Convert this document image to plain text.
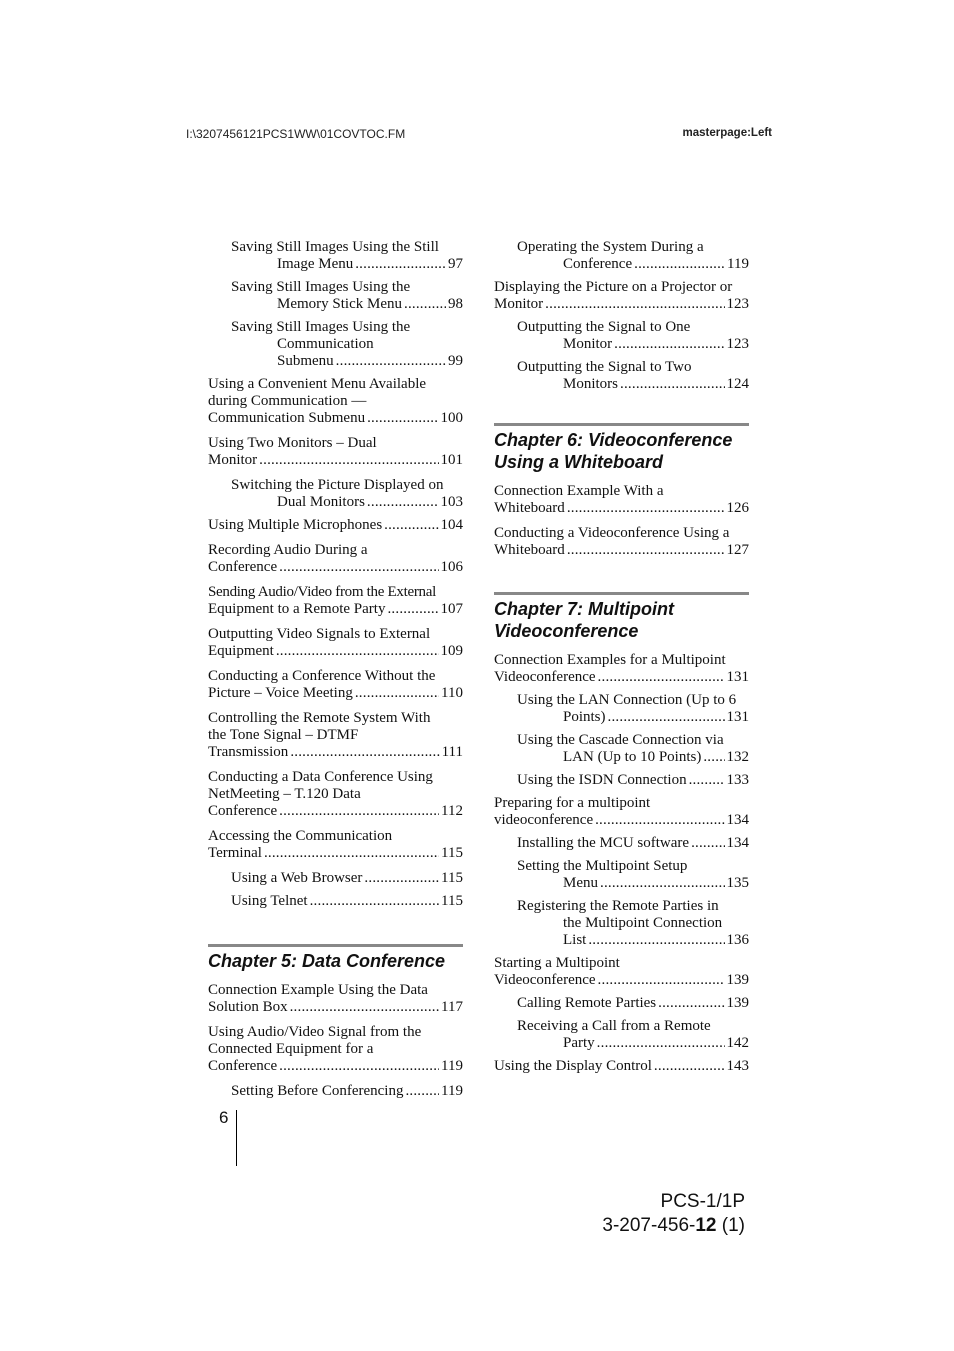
I:\3207456121PCS1WW\01COVTOC.FM	masterpage:Left
Saving Still Images Using the Still
Image Menu .....	97
Saving Still Images Using the
Memory Stick Menu .....	98
Saving Still Images Using the
Communication
Submenu .....	99
Using a Convenient Menu Available
during Communication —
Communication Submenu .....	100
Using Two Monitors – Dual
Monitor .....	101
Switching the Picture Displayed on
Dual Monitors .....	103
Using Multiple Microphones .....	104
Recording Audio During a
Conference .....	106
Sending Audio/Video from the External
Equipment to a Remote Party .....	107
Outputting Video Signals to External
Equipment .....	109
Conducting a Conference Without the
Picture – Voice Meeting .....	110
Controlling the Remote System With
the Tone Signal – DTMF
Transmission .....	111
Conducting a Data Conference Using
NetMeeting – T.120 Data
Conference .....	112
Accessing the Communication
Terminal .....	115
Using a Web Browser .....	115
Using Telnet .....	115
Chapter 5: Data Conference
Connection Example Using the Data
Solution Box .....	117
Using Audio/Video Signal from the
Connected Equipment for a
Conference .....	119
Setting Before Conferencing .....	119
Operating the System During a
Conference .....	119
Displaying the Picture on a Projector or
Monitor .....	123
Outputting the Signal to One
Monitor .....	123
Outputting the Signal to Two
Monitors .....	124
Chapter 6: Videoconference
Using a Whiteboard
Connection Example With a
Whiteboard .....	126
Conducting a Videoconference Using a
Whiteboard .....	127
Chapter 7: Multipoint
Videoconference
Connection Examples for a Multipoint
Videoconference .....	131
Using the LAN Connection (Up to 6
Points) .....	131
Using the Cascade Connection via
LAN (Up to 10 Points) ..... 132
Using the ISDN Connection .....	133
Preparing for a multipoint
videoconference .....	134
Installing the MCU software ..... 134
Setting the Multipoint Setup
Menu .....	135
Registering the Remote Parties in
the Multipoint Connection
List .....	136
Starting a Multipoint
Videoconference .....	139
Calling Remote Parties .....	139
Receiving a Call from a Remote
Party .....	142
Using the Display Control .....	143
6
PCS-1/1P
3-207-456-12 (1)
